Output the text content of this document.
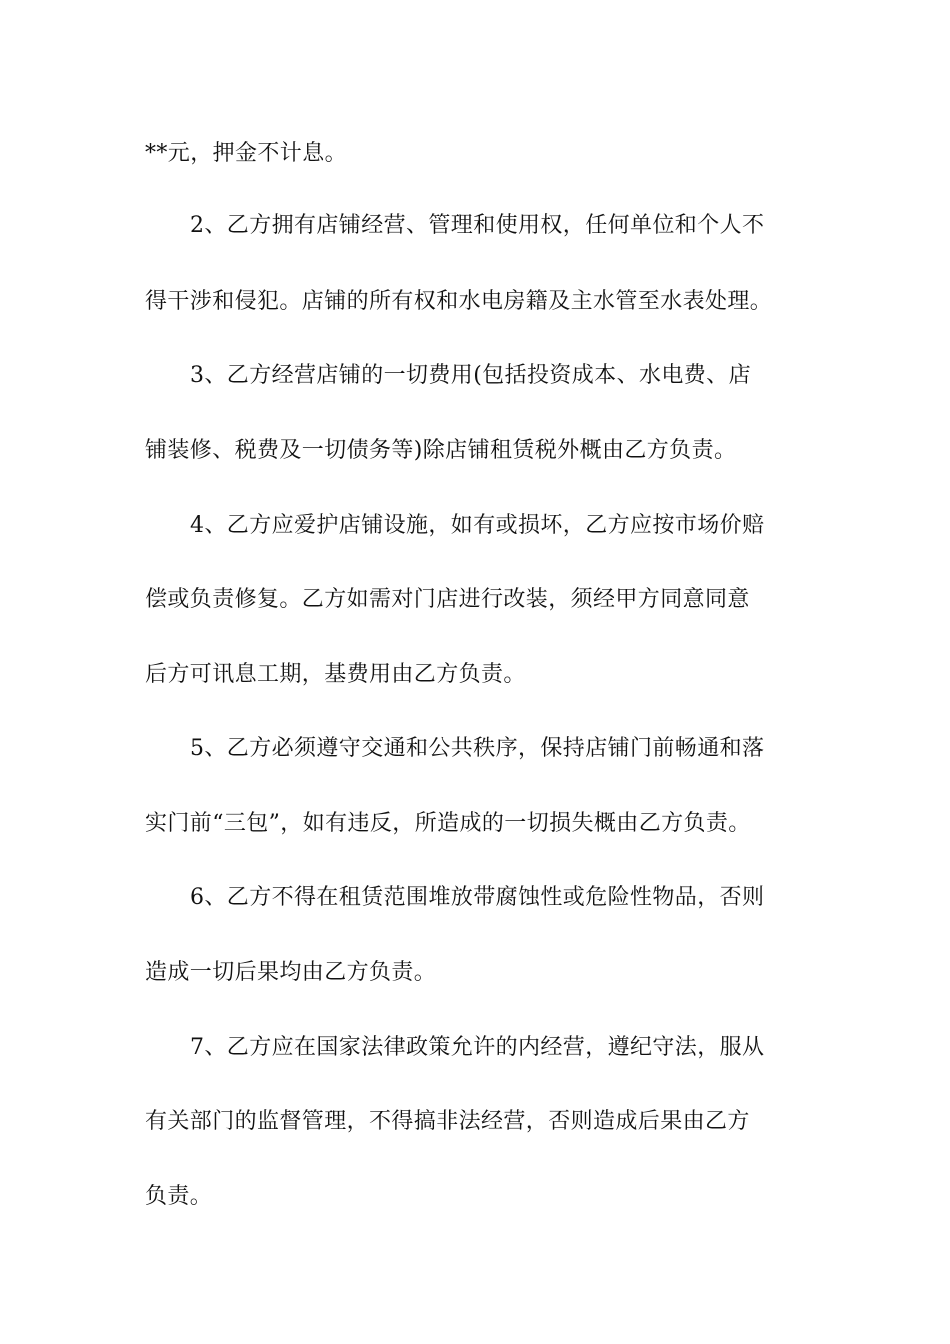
**元，押金不计息。
2、乙方拥有店铺经营、管理和使用权，任何单位和个人不
得干涉和侵犯。店铺的所有权和水电房籍及主水管至水表处理。
3、乙方经营店铺的一切费用(包括投资成本、水电费、店
铺装修、税费及一切债务等)除店铺租赁税外概由乙方负责。
4、乙方应爱护店铺设施，如有或损坏，乙方应按市场价赔
偿或负责修复。乙方如需对门店进行改装，须经甲方同意同意
后方可讯息工期，基费用由乙方负责。
5、乙方必须遵守交通和公共秩序，保持店铺门前畅通和落
实门前“三包”，如有违反，所造成的一切损失概由乙方负责。
6、乙方不得在租赁范围堆放带腐蚀性或危险性物品，否则
造成一切后果均由乙方负责。
7、乙方应在国家法律政策允许的内经营，遵纪守法，服从
有关部门的监督管理，不得搞非法经营，否则造成后果由乙方
负责。
